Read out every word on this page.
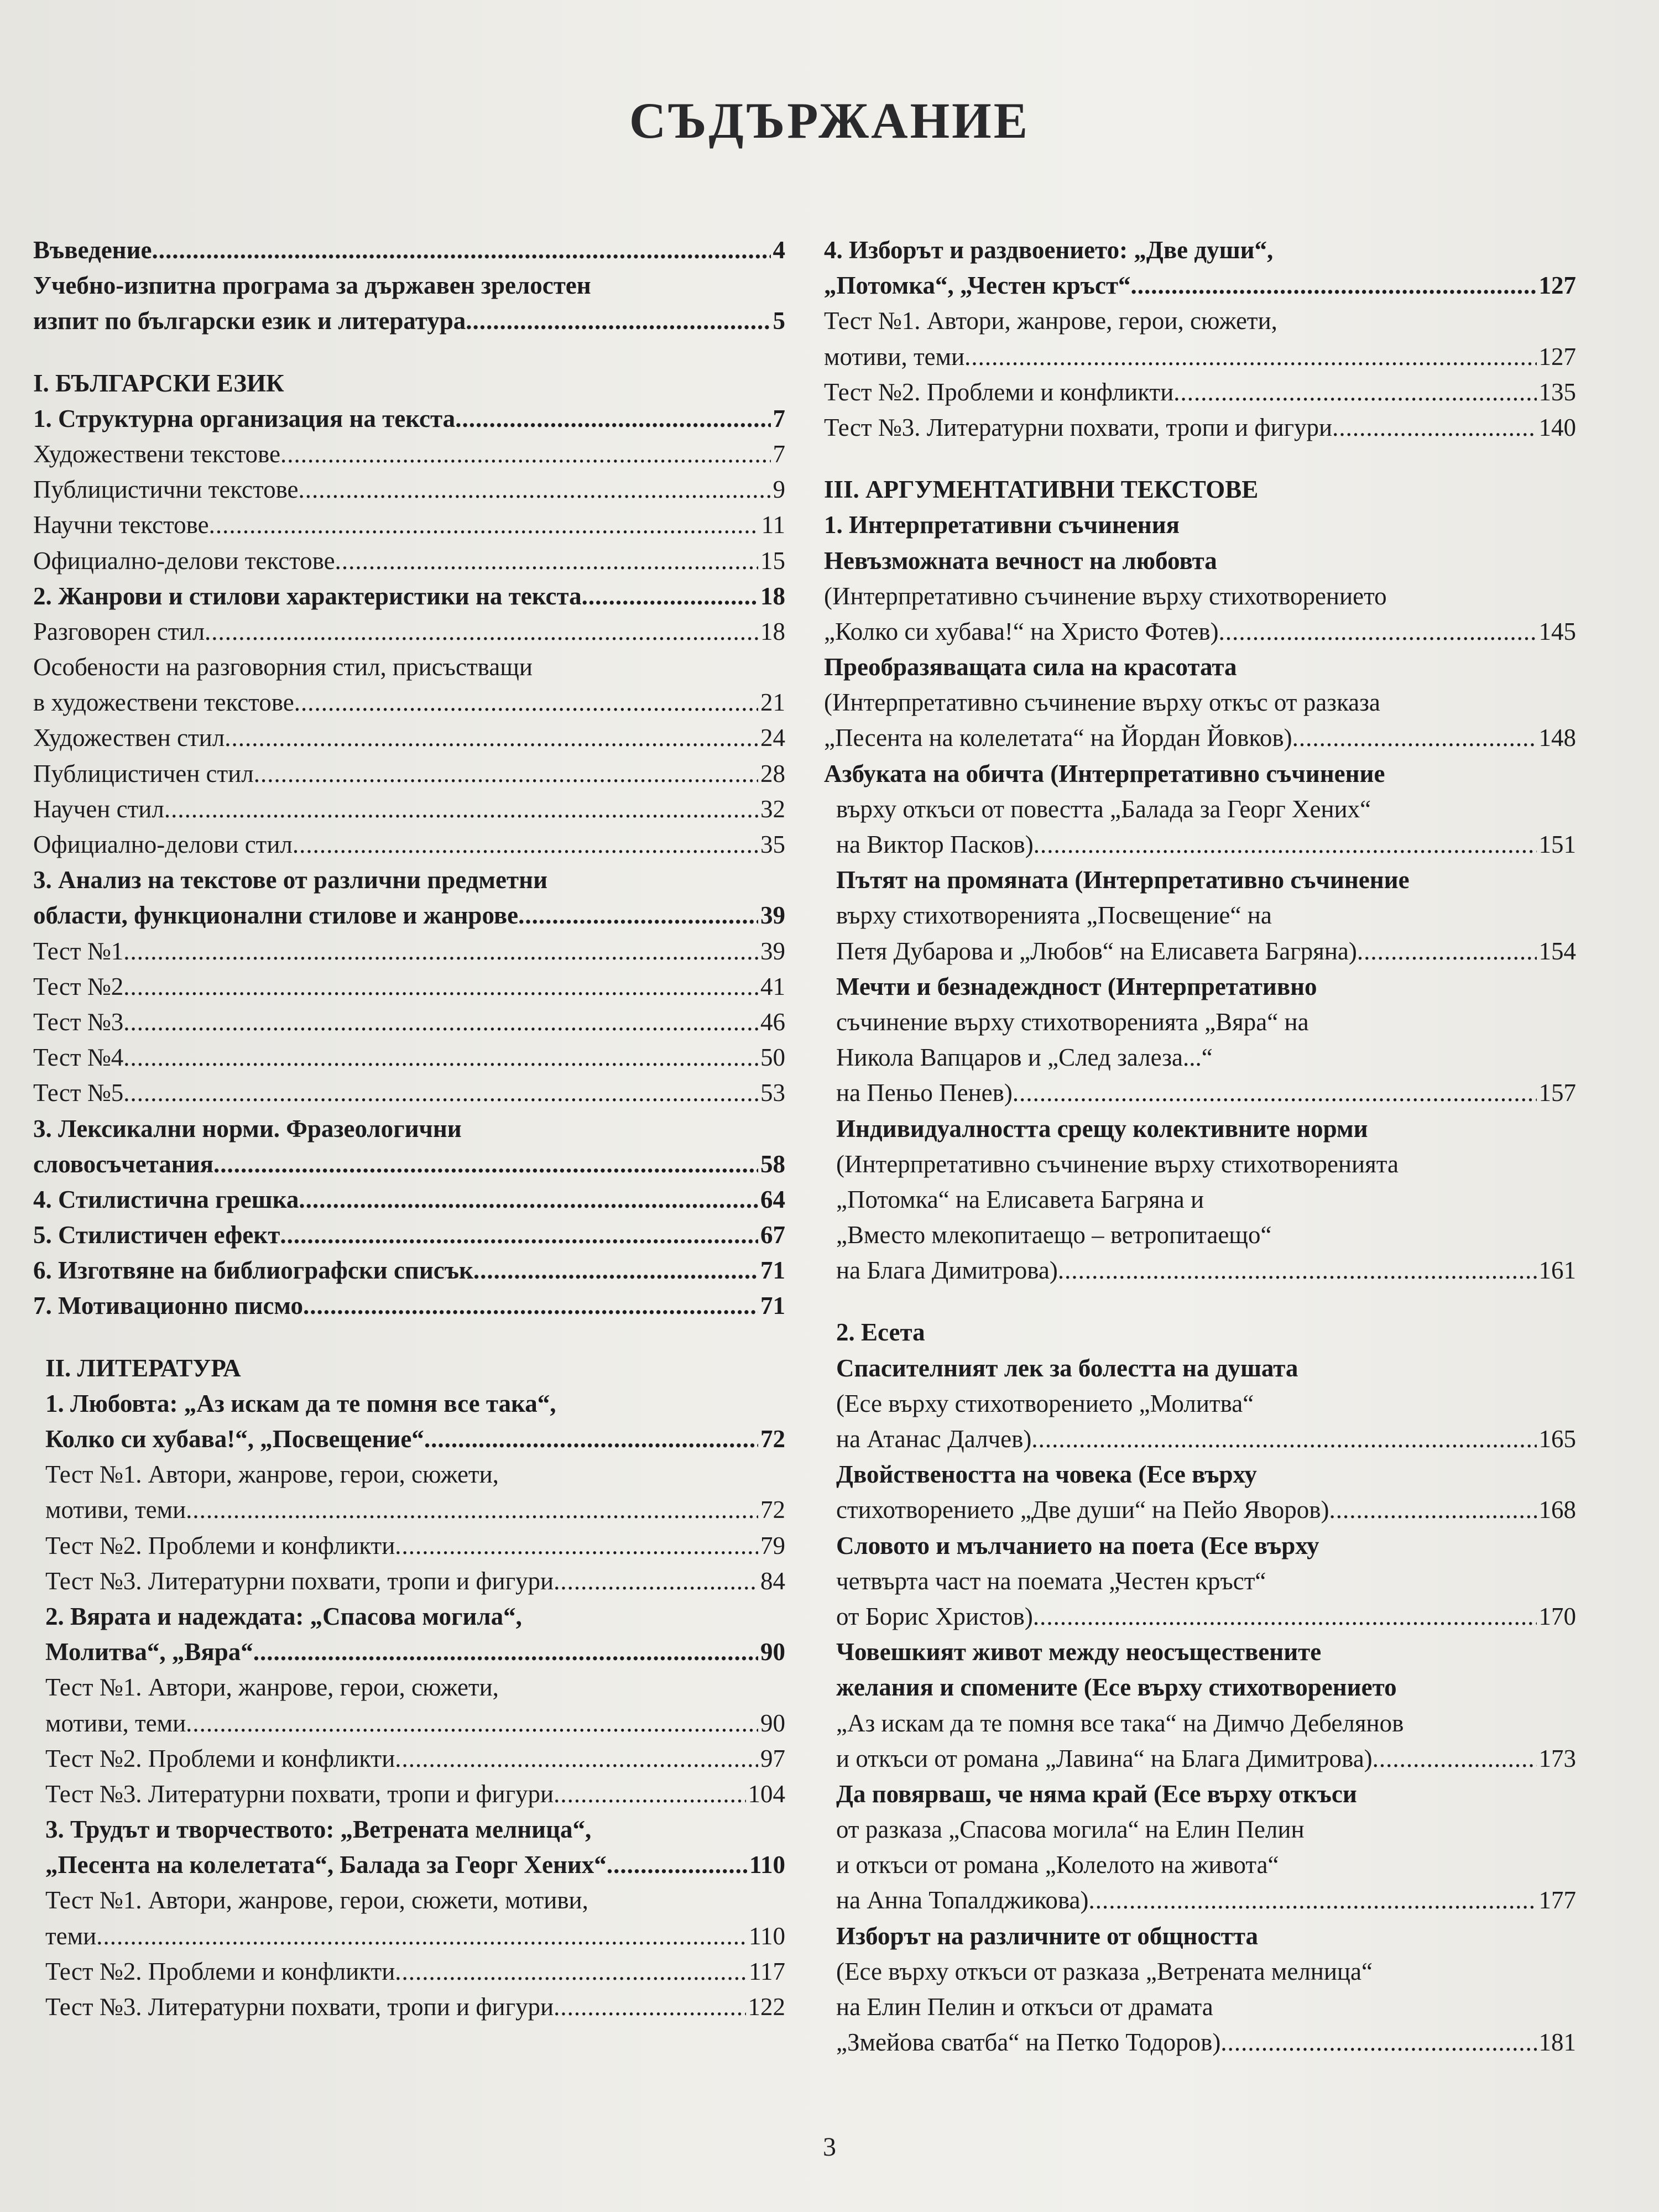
СЪДЪРЖАНИЕ
Въведение .....	4
Учебно-изпитна програма за държавен зрелостен
изпит по български език и литература .....	5
I. БЪЛГАРСКИ ЕЗИК
1. Структурна организация на текста .....	7
Художествени текстове .....	7
Публицистични текстове .....	9
Научни текстове .....	11
Официално-делови текстове .....	15
2. Жанрови и стилови характеристики на текста .....	18
Разговорен стил .....	18
Особености на разговорния стил, присъстващи
в художествени текстове .....	21
Художествен стил .....	24
Публицистичен стил .....	28
Научен стил .....	32
Официално-делови стил .....	35
3. Анализ на текстове от различни предметни
области, функционални стилове и жанрове .....	39
Тест №1 .....	39
Тест №2 .....	41
Тест №3 .....	46
Тест №4 .....	50
Тест №5 .....	53
3. Лексикални норми. Фразеологични
словосъчетания .....	58
4. Стилистична грешка .....	64
5. Стилистичен ефект .....	67
6. Изготвяне на библиографски списък .....	71
7. Мотивационно писмо .....	71
II. ЛИТЕРАТУРА
1. Любовта: „Аз искам да те помня все така“,
Колко си хубава!“, „Посвещение“ .....	72
Тест №1. Автори, жанрове, герои, сюжети,
мотиви, теми .....	72
Тест №2. Проблеми и конфликти .....	79
Тест №3. Литературни похвати, тропи и фигури .....	84
2. Вярата и надеждата: „Спасова могила“,
Молитва“, „Вяра“ .....	90
Тест №1. Автори, жанрове, герои, сюжети,
мотиви, теми .....	90
Тест №2. Проблеми и конфликти .....	97
Тест №3. Литературни похвати, тропи и фигури .....	104
3. Трудът и творчеството: „Ветрената мелница“,
„Песента на колелетата“, Балада за Георг Хених“ .....	110
Тест №1. Автори, жанрове, герои, сюжети, мотиви,
теми .....	110
Тест №2. Проблеми и конфликти .....	117
Тест №3. Литературни похвати, тропи и фигури .....	122
4. Изборът и раздвоението: „Две души“,
„Потомка“, „Честен кръст“ .....	127
Тест №1. Автори, жанрове, герои, сюжети,
мотиви, теми .....	127
Тест №2. Проблеми и конфликти .....	135
Тест №3. Литературни похвати, тропи и фигури .....	140
III. АРГУМЕНТАТИВНИ ТЕКСТОВЕ
1. Интерпретативни съчинения
Невъзможната вечност на любовта
(Интерпретативно съчинение върху стихотворението
„Колко си хубава!“ на Христо Фотев) .....	145
Преобразяващата сила на красотата
(Интерпретативно съчинение върху откъс от разказа
„Песента на колелетата“ на Йордан Йовков) .....	148
Азбуката на обичта (Интерпретативно съчинение
върху откъси от повестта „Балада за Георг Хених“
на Виктор Пасков) .....	151
Пътят на промяната (Интерпретативно съчинение
върху стихотворенията „Посвещение“ на
Петя Дубарова и „Любов“ на Елисавета Багряна) .....	154
Мечти и безнадеждност (Интерпретативно
съчинение върху стихотворенията „Вяра“ на
Никола Вапцаров и „След залеза...“
на Пеньо Пенев) .....	157
Индивидуалността срещу колективните норми
(Интерпретативно съчинение върху стихотворенията
„Потомка“ на Елисавета Багряна и
„Вместо млекопитаещо – ветропитаещо“
на Блага Димитрова) .....	161
2. Есета
Спасителният лек за болестта на душата
(Есе върху стихотворението „Молитва“
на Атанас Далчев) .....	165
Двойствеността на човека (Есе върху
стихотворението „Две души“ на Пейо Яворов) .....	168
Словото и мълчанието на поета (Есе върху
четвърта част на поемата „Честен кръст“
от Борис Христов) .....	170
Човешкият живот между неосъществените
желания и спомените (Есе върху стихотворението
„Аз искам да те помня все така“ на Димчо Дебелянов
и откъси от романа „Лавина“ на Блага Димитрова) .....	173
Да повярваш, че няма край (Есе върху откъси
от разказа „Спасова могила“ на Елин Пелин
и откъси от романа „Колелото на живота“
на Анна Топалджикова) .....	177
Изборът на различните от общността
(Есе върху откъси от разказа „Ветрената мелница“
на Елин Пелин и откъси от драмата
„Змейова сватба“ на Петко Тодоров) .....	181
3
